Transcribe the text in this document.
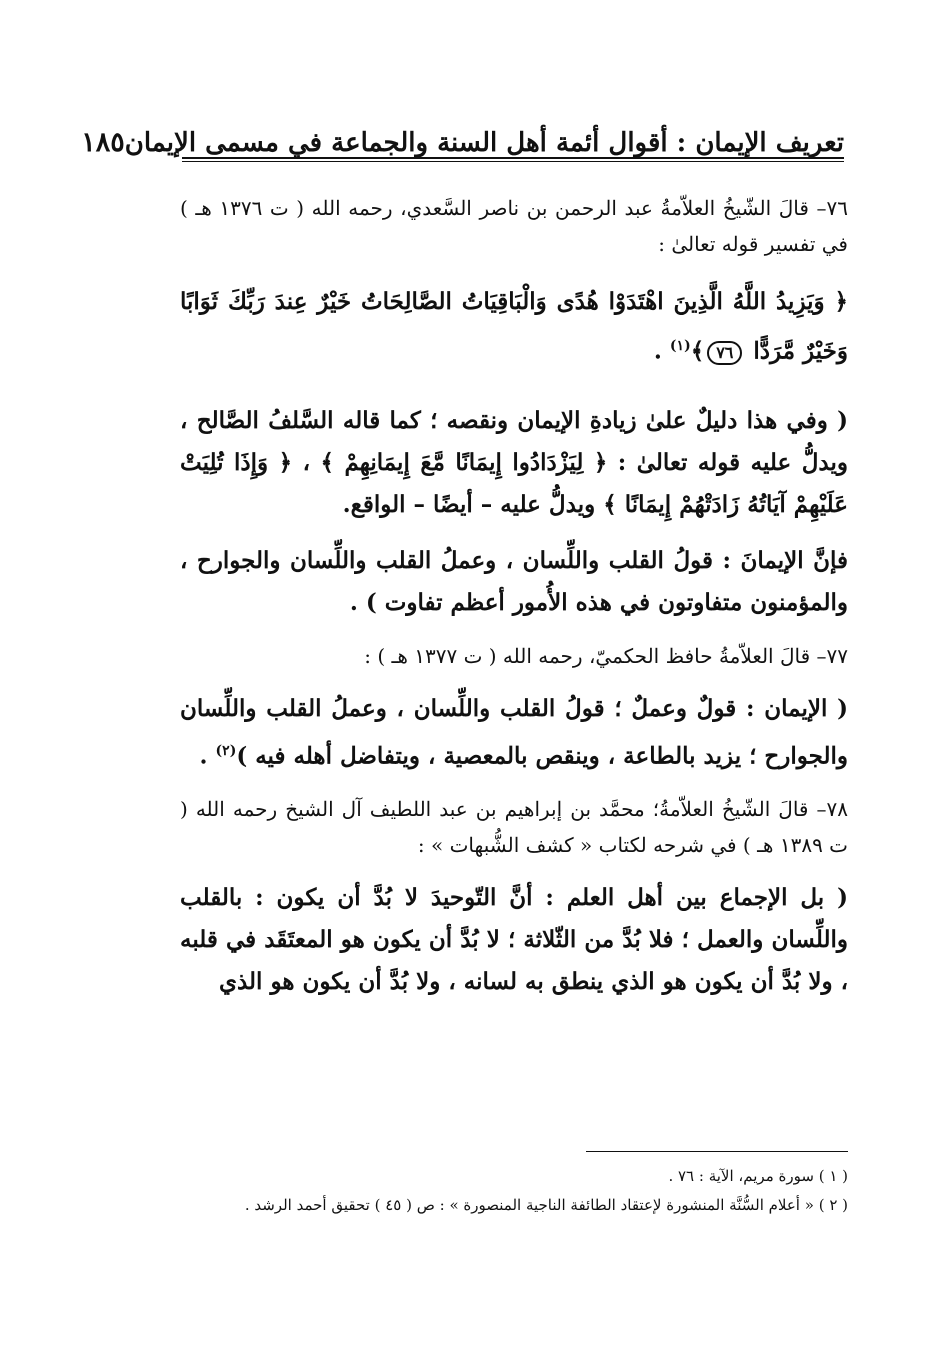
تعريف الإيمان : أقوال أئمة أهل السنة والجماعة في مسمى الإيمان
١٨٥

٧٦– قالَ الشّيخُ العلاّمةُ عبد الرحمن بن ناصر السَّعدي، رحمه الله ( ت ١٣٧٦ هـ ) في تفسير قوله تعالىٰ :

﴿ وَيَزِيدُ اللَّهُ الَّذِينَ اهْتَدَوْا هُدًى وَالْبَاقِيَاتُ الصَّالِحَاتُ خَيْرٌ عِندَ رَبِّكَ ثَوَابًا وَخَيْرٌ مَّرَدًّا ٧٦﴾$^{(١)}$ .

( وفي هذا دليلٌ علىٰ زيادةِ الإيمان ونقصه ؛ كما قاله السَّلفُ الصَّالح ، ويدلُّ عليه قوله تعالىٰ : ﴿ لِيَزْدَادُوا إِيمَانًا مَّعَ إِيمَانِهِمْ ﴾ ، ﴿ وَإِذَا تُلِيَتْ عَلَيْهِمْ آيَاتُهُ زَادَتْهُمْ إِيمَانًا ﴾ ويدلُّ عليه – أيضًا – الواقع.

فإنَّ الإيمانَ : قولُ القلب واللِّسان ، وعملُ القلب واللِّسان والجوارح ، والمؤمنون متفاوتون في هذه الأُمور أعظم تفاوت ) .

٧٧– قالَ العلاّمةُ حافظ الحكميّ، رحمه الله ( ت ١٣٧٧ هـ ) :

( الإيمان : قولٌ وعملٌ ؛ قولُ القلب واللِّسان ، وعملُ القلب واللِّسان والجوارح ؛ يزيد بالطاعة ، وينقص بالمعصية ، ويتفاضل أهله فيه )$^{(٢)}$ .

٧٨– قالَ الشّيخُ العلاّمةُ؛ محمَّد بن إبراهيم بن عبد اللطيف آل الشيخ رحمه الله ( ت ١٣٨٩ هـ ) في شرحه لكتاب « كشف الشُّبهات » :

( بل الإجماع بين أهل العلم : أنَّ التّوحيدَ لا بُدَّ أن يكون : بالقلب واللِّسان والعمل ؛ فلا بُدَّ من الثّلاثة ؛ لا بُدَّ أن يكون هو المعتَقَد في قلبه ، ولا بُدَّ أن يكون هو الذي ينطق به لسانه ، ولا بُدَّ أن يكون هو الذي

( ١ ) سورة مريم، الآية : ٧٦ .

( ٢ ) « أعلام السُّنَّة المنشورة لإعتقاد الطائفة الناجية المنصورة » : ص ( ٤٥ ) تحقيق أحمد الرشد .
